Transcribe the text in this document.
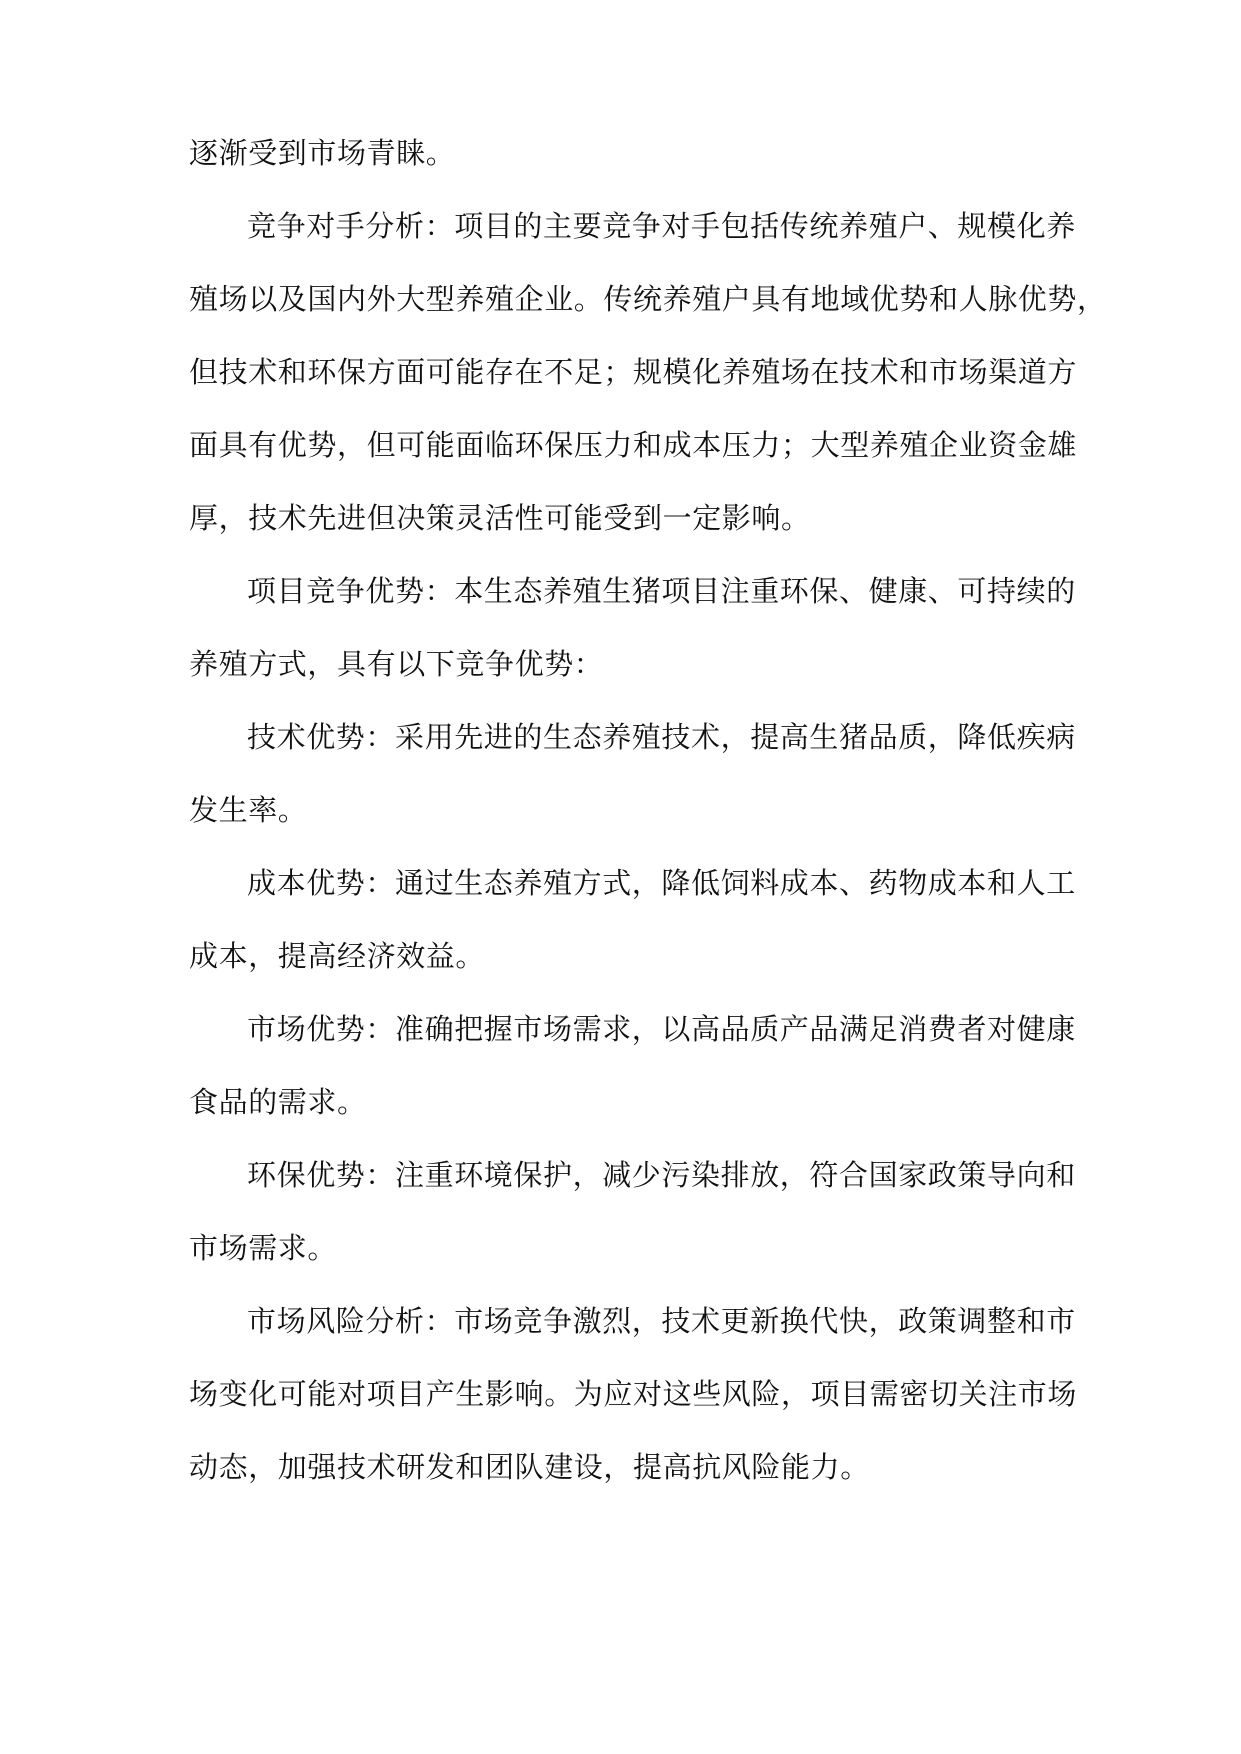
逐渐受到市场青睐。
竞争对手分析：项目的主要竞争对手包括传统养殖户、规模化养
殖场以及国内外大型养殖企业。传统养殖户具有地域优势和人脉优势，
但技术和环保方面可能存在不足；规模化养殖场在技术和市场渠道方
面具有优势，但可能面临环保压力和成本压力；大型养殖企业资金雄
厚，技术先进但决策灵活性可能受到一定影响。
项目竞争优势：本生态养殖生猪项目注重环保、健康、可持续的
养殖方式，具有以下竞争优势：
技术优势：采用先进的生态养殖技术，提高生猪品质，降低疾病
发生率。
成本优势：通过生态养殖方式，降低饲料成本、药物成本和人工
成本，提高经济效益。
市场优势：准确把握市场需求，以高品质产品满足消费者对健康
食品的需求。
环保优势：注重环境保护，减少污染排放，符合国家政策导向和
市场需求。
市场风险分析：市场竞争激烈，技术更新换代快，政策调整和市
场变化可能对项目产生影响。为应对这些风险，项目需密切关注市场
动态，加强技术研发和团队建设，提高抗风险能力。
